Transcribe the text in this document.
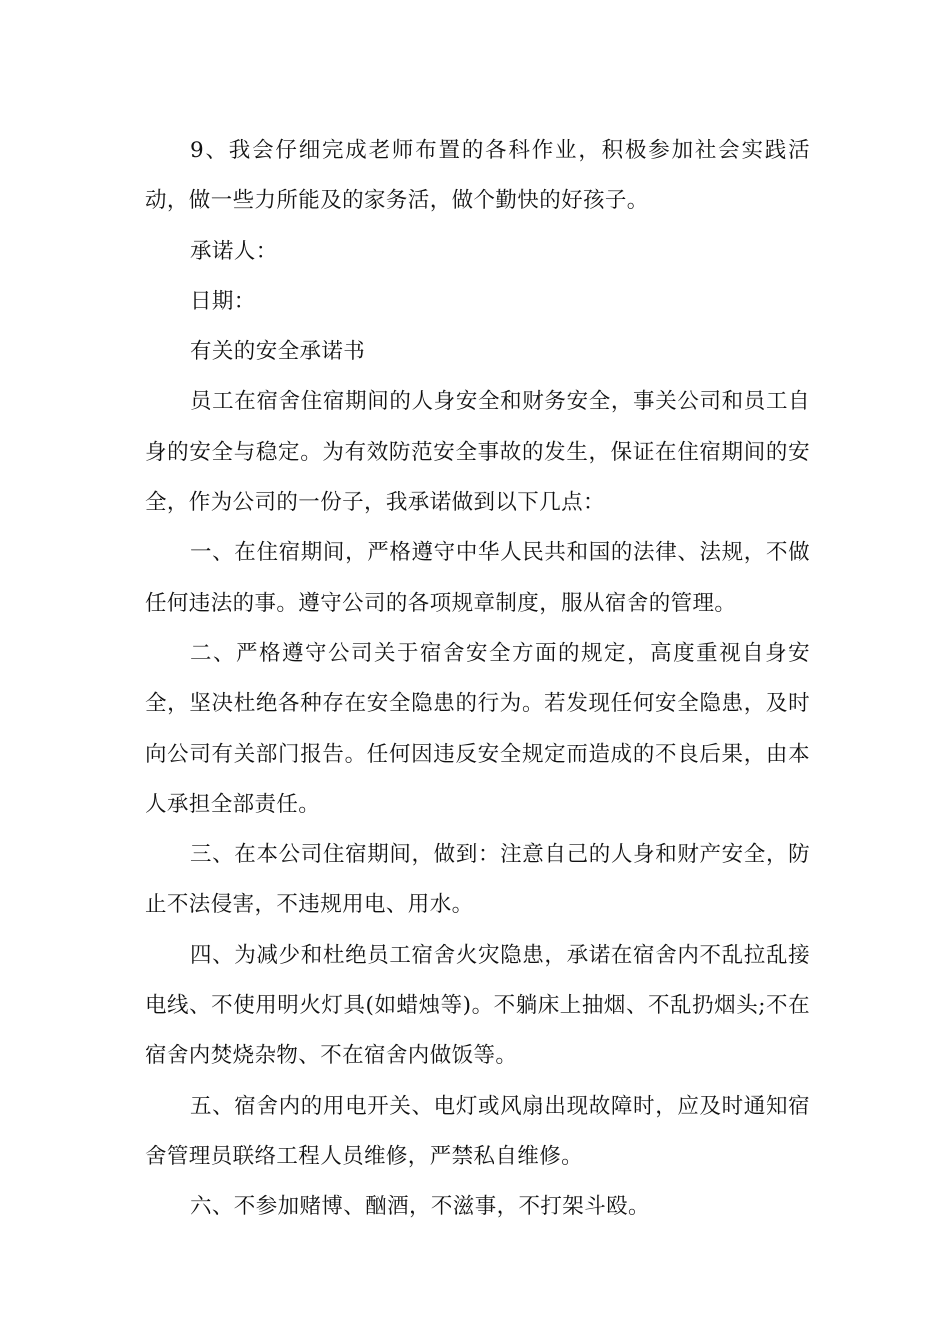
9、我会仔细完成老师布置的各科作业，积极参加社会实践活动，做一些力所能及的家务活，做个勤快的好孩子。

承诺人：

日期：

有关的安全承诺书

员工在宿舍住宿期间的人身安全和财务安全，事关公司和员工自身的安全与稳定。为有效防范安全事故的发生，保证在住宿期间的安全，作为公司的一份子，我承诺做到以下几点：

一、在住宿期间，严格遵守中华人民共和国的法律、法规，不做任何违法的事。遵守公司的各项规章制度，服从宿舍的管理。

二、严格遵守公司关于宿舍安全方面的规定，高度重视自身安全，坚决杜绝各种存在安全隐患的行为。若发现任何安全隐患，及时向公司有关部门报告。任何因违反安全规定而造成的不良后果，由本人承担全部责任。

三、在本公司住宿期间，做到：注意自己的人身和财产安全，防止不法侵害，不违规用电、用水。

四、为减少和杜绝员工宿舍火灾隐患，承诺在宿舍内不乱拉乱接电线、不使用明火灯具(如蜡烛等)。不躺床上抽烟、不乱扔烟头;不在宿舍内焚烧杂物、不在宿舍内做饭等。

五、宿舍内的用电开关、电灯或风扇出现故障时，应及时通知宿舍管理员联络工程人员维修，严禁私自维修。

六、不参加赌博、酗酒，不滋事，不打架斗殴。
